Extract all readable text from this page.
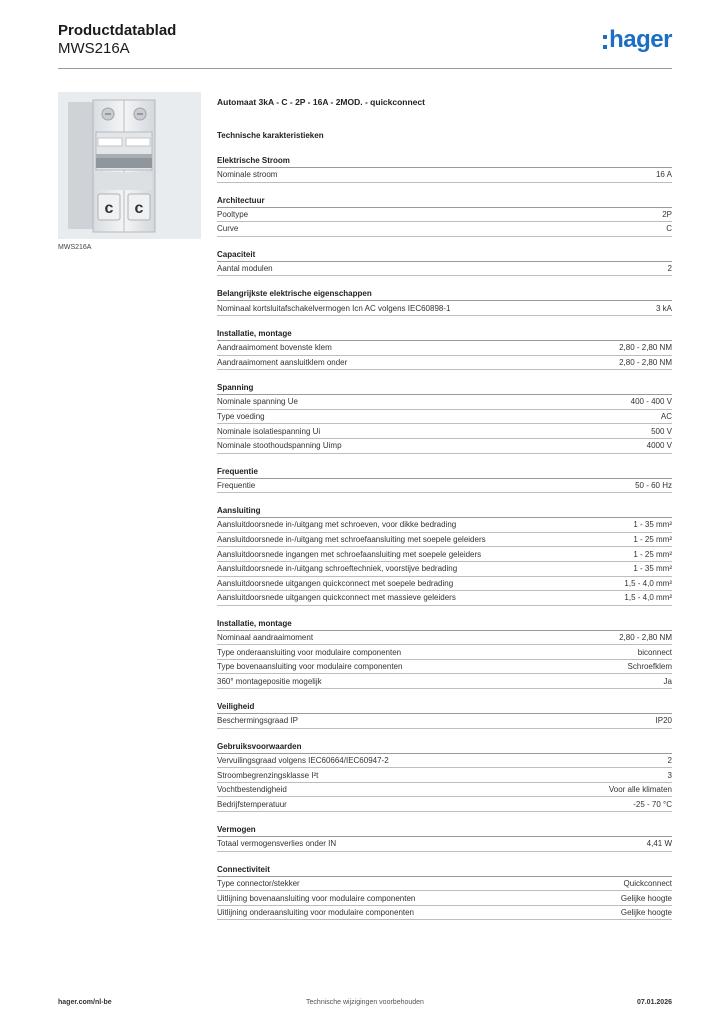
Productdatablad
MWS216A	hager
c c
MWS216A
Automaat 3kA - C - 2P - 16A - 2MOD. - quickconnect
Technische karakteristieken
Elektrische Stroom
Nominale stroom	16 A
Architectuur
Pooltype	2P
Curve	C
Capaciteit
Aantal modulen	2
Belangrijkste elektrische eigenschappen
Nominaal kortsluitafschakelvermogen Icn AC volgens IEC60898-1	3 kA
Installatie, montage
Aandraaimoment bovenste klem	2,80 - 2,80 NM
Aandraaimoment aansluitklem onder	2,80 - 2,80 NM
Spanning
Nominale spanning Ue	400 - 400 V
Type voeding	AC
Nominale isolatiespanning Ui	500 V
Nominale stoothoudspanning Uimp	4000 V
Frequentie
Frequentie	50 - 60 Hz
Aansluiting
Aansluitdoorsnede in-/uitgang met schroeven, voor dikke bedrading	1 - 35 mm²
Aansluitdoorsnede in-/uitgang met schroefaansluiting met soepele geleiders	1 - 25 mm²
Aansluitdoorsnede ingangen met schroefaansluiting met soepele geleiders	1 - 25 mm²
Aansluitdoorsnede in-/uitgang schroeftechniek, voorstijve bedrading	1 - 35 mm²
Aansluitdoorsnede uitgangen quickconnect met soepele bedrading	1,5 - 4,0 mm²
Aansluitdoorsnede uitgangen quickconnect met massieve geleiders	1,5 - 4,0 mm²
Installatie, montage
Nominaal aandraaimoment	2,80 - 2,80 NM
Type onderaansluiting voor modulaire componenten	biconnect
Type bovenaansluiting voor modulaire componenten	Schroefklem
360° montagepositie mogelijk	Ja
Veiligheid
Beschermingsgraad IP	IP20
Gebruiksvoorwaarden
Vervuilingsgraad volgens IEC60664/IEC60947-2	2
Stroombegrenzingsklasse I²t	3
Vochtbestendigheid	Voor alle klimaten
Bedrijfstemperatuur	-25 - 70 °C
Vermogen
Totaal vermogensverlies onder IN	4,41 W
Connectiviteit
Type connector/stekker	Quickconnect
Uitlijning bovenaansluiting voor modulaire componenten	Gelijke hoogte
Uitlijning onderaansluiting voor modulaire componenten	Gelijke hoogte
hager.com/nl-be	Technische wijzigingen voorbehouden	07.01.2026
